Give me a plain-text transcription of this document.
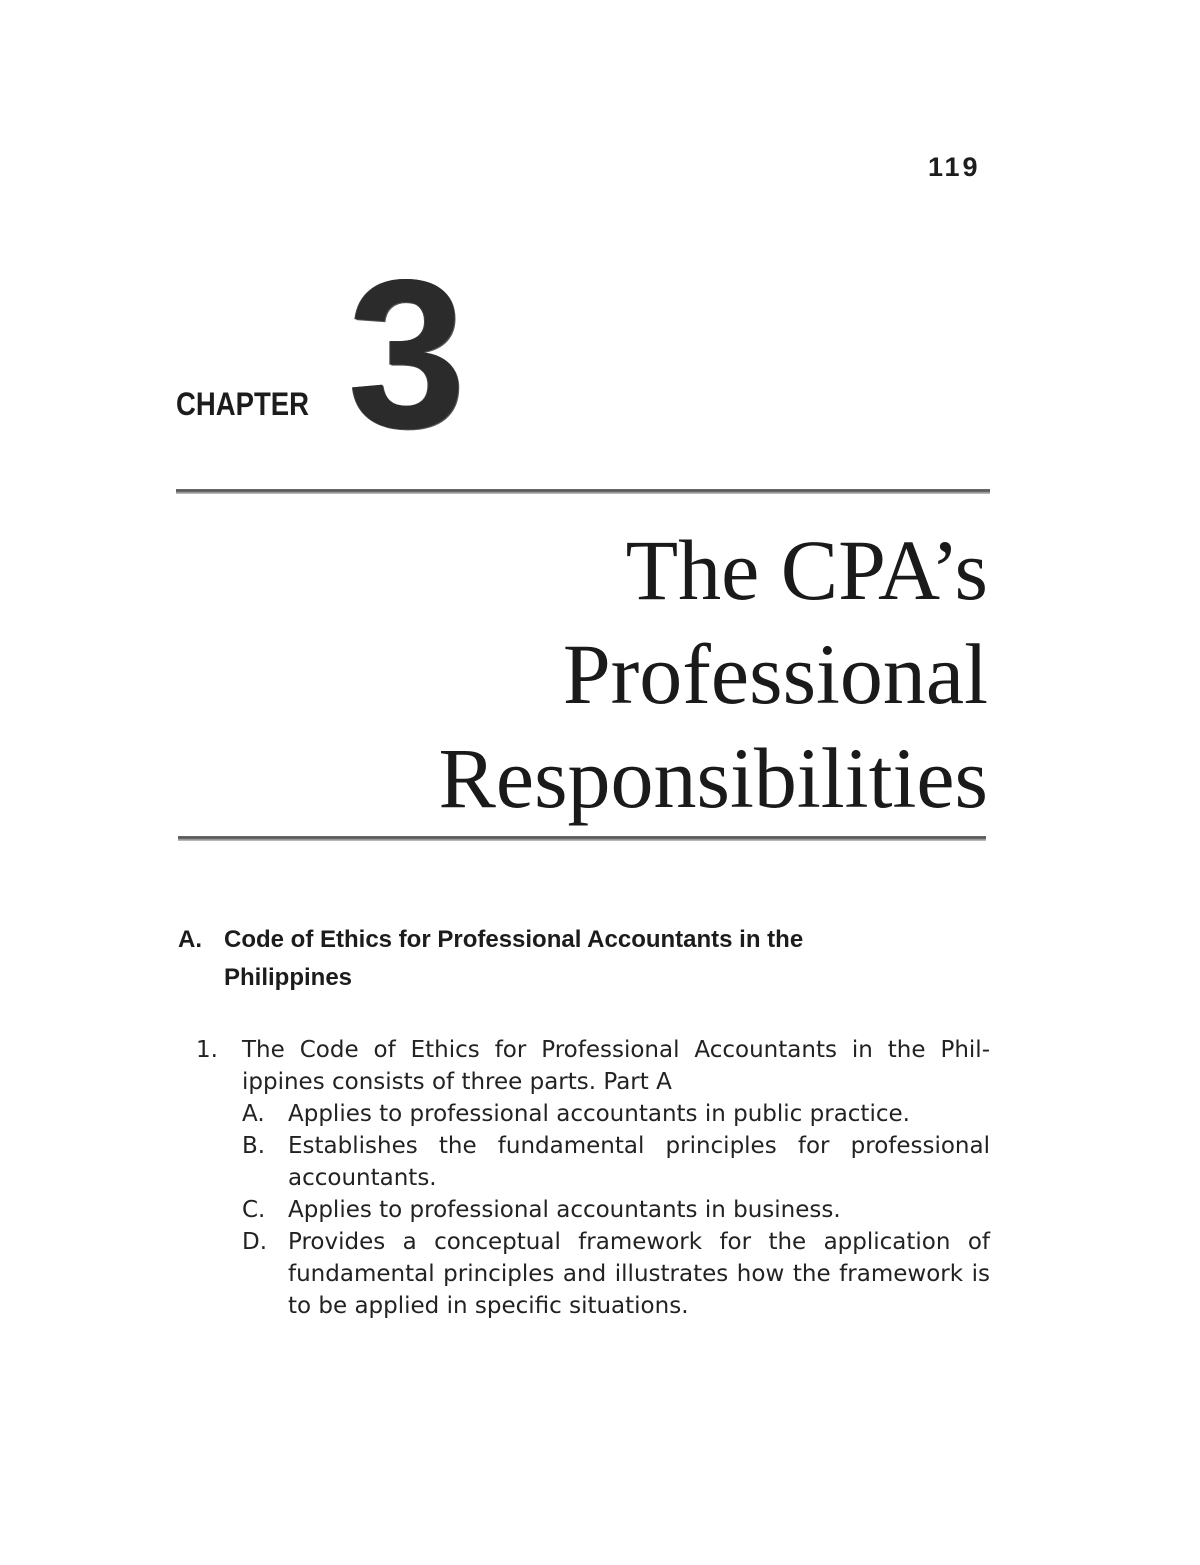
119
CHAPTER 3
The CPA’s
Professional
Responsibilities
A. Code of Ethics for Professional Accountants in the Philippines
1. The Code of Ethics for Professional Accountants in the Philippines consists of three parts. Part A
A. Applies to professional accountants in public practice.
B. Establishes the fundamental principles for professional accountants.
C. Applies to professional accountants in business.
D. Provides a conceptual framework for the application of fundamental principles and illustrates how the framework is to be applied in specific situations.
